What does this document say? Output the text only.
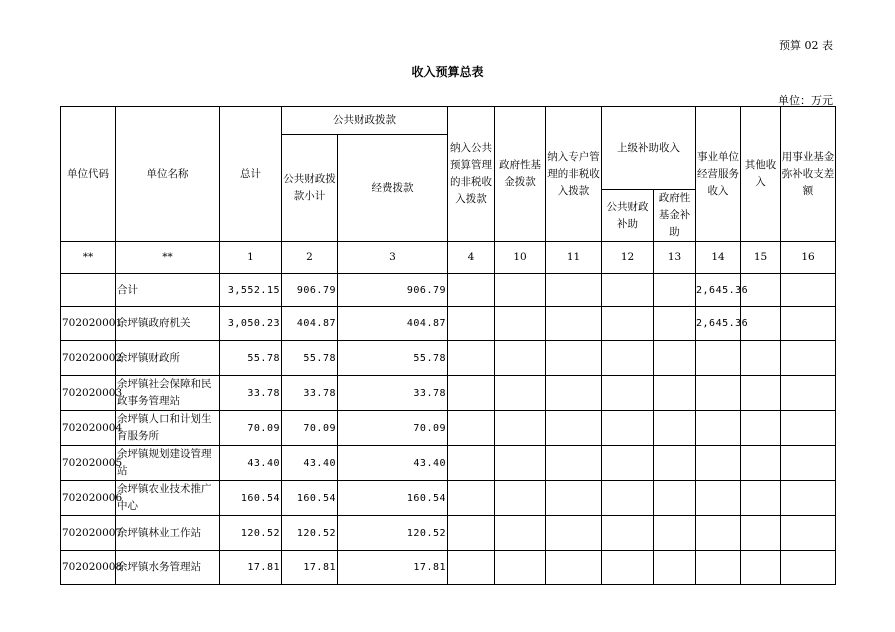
预算 02 表
收入预算总表
单位：万元
单位代码	单位名称	总计	公共财政拨款		纳入公共预算管理的非税收入拨款	政府性基金拨款	纳入专户管理的非税收入拨款	上级补助收入		事业单位经营服务收入	其他收入	用事业基金弥补收支差额	
			公共财政拨款小计	经费拨款									
								公共财政补助	政府性基金补助				
**	**	1	2	3	4	10	11	12	13	14	15	16	
	合计	3,552.15	906.79	906.79						2,645.36			
702020001	余坪镇政府机关	3,050.23	404.87	404.87						2,645.36			
702020002	余坪镇财政所	55.78	55.78	55.78									
702020003	余坪镇社会保障和民政事务管理站	33.78	33.78	33.78									
702020004	余坪镇人口和计划生育服务所	70.09	70.09	70.09									
702020005	余坪镇规划建设管理站	43.40	43.40	43.40									
702020006	余坪镇农业技术推广中心	160.54	160.54	160.54									
702020007	余坪镇林业工作站	120.52	120.52	120.52									
702020008	余坪镇水务管理站	17.81	17.81	17.81									
